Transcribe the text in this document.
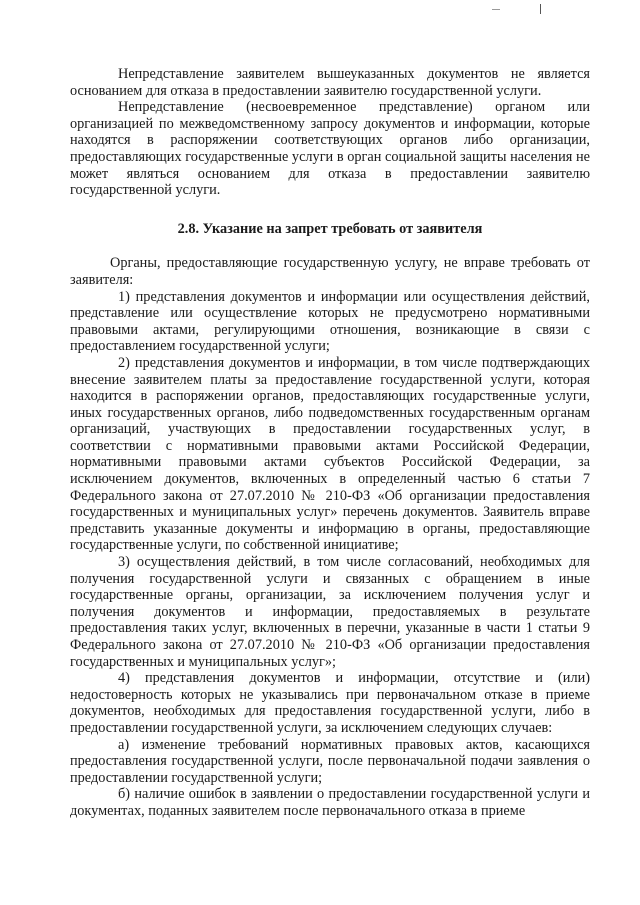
Непредставление заявителем вышеуказанных документов не является основанием для отказа в предоставлении заявителю государственной услуги.

Непредставление (несвоевременное представление) органом или организацией по межведомственному запросу документов и информации, которые находятся в распоряжении соответствующих органов либо организации, предоставляющих государственные услуги в орган социальной защиты населения не может являться основанием для отказа в предоставлении заявителю государственной услуги.

2.8. Указание на запрет требовать от заявителя

Органы, предоставляющие государственную услугу, не вправе требовать от заявителя:

1) представления документов и информации или осуществления действий, представление или осуществление которых не предусмотрено нормативными правовыми актами, регулирующими отношения, возникающие в связи с предоставлением государственной услуги;

2) представления документов и информации, в том числе подтверждающих внесение заявителем платы за предоставление государственной услуги, которая находится в распоряжении органов, предоставляющих государственные услуги, иных государственных органов, либо подведомственных государственным органам организаций, участвующих в предоставлении государственных услуг, в соответствии с нормативными правовыми актами Российской Федерации, нормативными правовыми актами субъектов Российской Федерации, за исключением документов, включенных в определенный частью 6 статьи 7 Федерального закона от 27.07.2010 № 210-ФЗ «Об организации предоставления государственных и муниципальных услуг» перечень документов. Заявитель вправе представить указанные документы и информацию в органы, предоставляющие государственные услуги, по собственной инициативе;

3) осуществления действий, в том числе согласований, необходимых для получения государственной услуги и связанных с обращением в иные государственные органы, организации, за исключением получения услуг и получения документов и информации, предоставляемых в результате предоставления таких услуг, включенных в перечни, указанные в части 1 статьи 9 Федерального закона от 27.07.2010 № 210-ФЗ «Об организации предоставления государственных и муниципальных услуг»;

4) представления документов и информации, отсутствие и (или) недостоверность которых не указывались при первоначальном отказе в приеме документов, необходимых для предоставления государственной услуги, либо в предоставлении государственной услуги, за исключением следующих случаев:

а) изменение требований нормативных правовых актов, касающихся предоставления государственной услуги, после первоначальной подачи заявления о предоставлении государственной услуги;

б) наличие ошибок в заявлении о предоставлении государственной услуги и документах, поданных заявителем после первоначального отказа в приеме
